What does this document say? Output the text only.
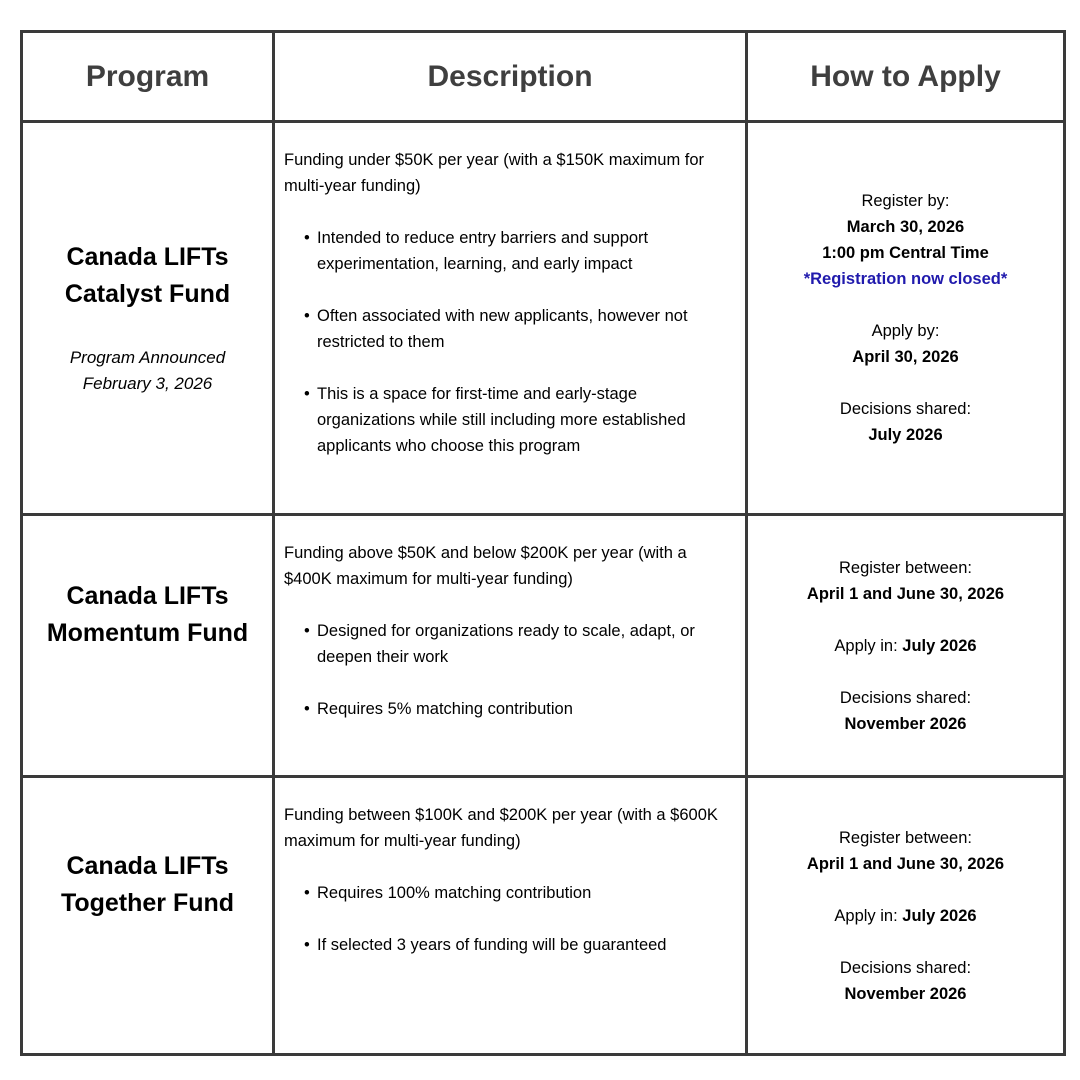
Program	Description	How to Apply
Canada LIFTs
Catalyst Fund
Program Announced
February 3, 2026
Funding under $50K per year (with a $150K maximum for multi-year funding)
• Intended to reduce entry barriers and support experimentation, learning, and early impact
• Often associated with new applicants, however not restricted to them
• This is a space for first-time and early-stage organizations while still including more established applicants who choose this program
Register by:
March 30, 2026
1:00 pm Central Time
*Registration now closed*
Apply by:
April 30, 2026
Decisions shared:
July 2026
Canada LIFTs
Momentum Fund
Funding above $50K and below $200K per year (with a $400K maximum for multi-year funding)
• Designed for organizations ready to scale, adapt, or deepen their work
• Requires 5% matching contribution
Register between:
April 1 and June 30, 2026
Apply in: July 2026
Decisions shared:
November 2026
Canada LIFTs
Together Fund
Funding between $100K and $200K per year (with a $600K maximum for multi-year funding)
• Requires 100% matching contribution
• If selected 3 years of funding will be guaranteed
Register between:
April 1 and June 30, 2026
Apply in: July 2026
Decisions shared:
November 2026
